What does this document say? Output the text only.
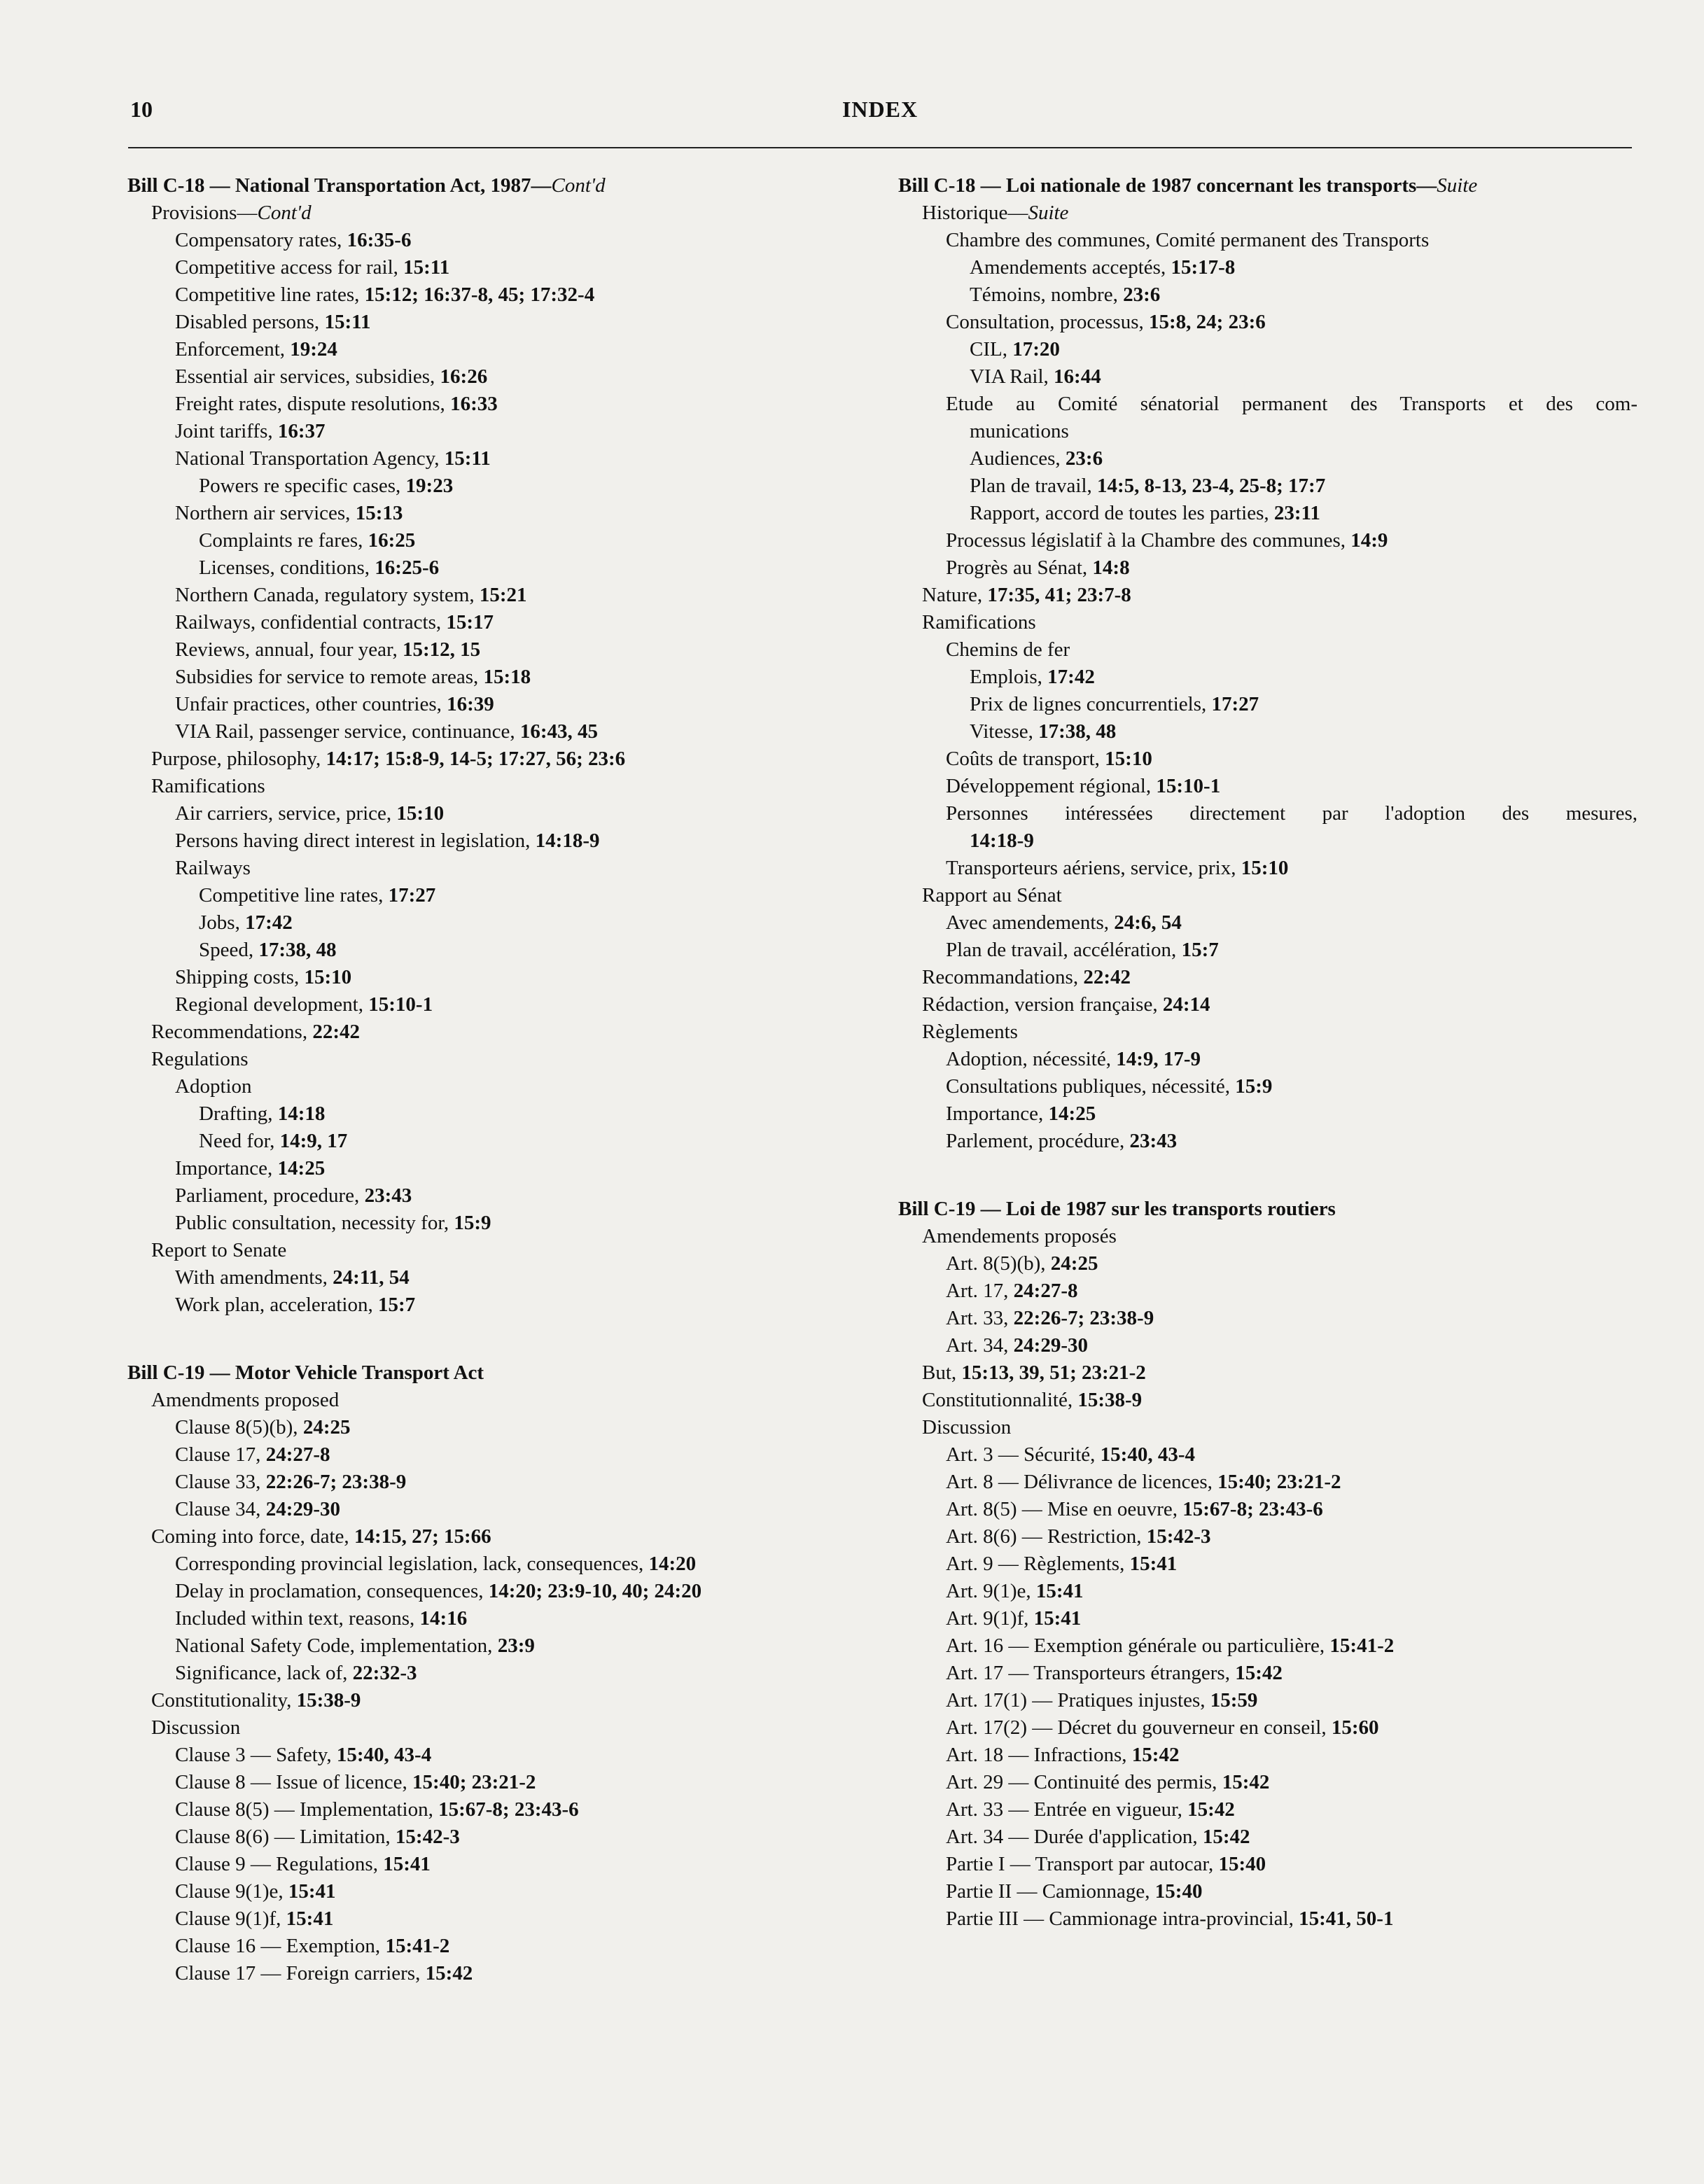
10	INDEX
Bill C-18 — National Transportation Act, 1987—Cont'd
Provisions—Cont'd
Compensatory rates, 16:35-6
Competitive access for rail, 15:11
Competitive line rates, 15:12; 16:37-8, 45; 17:32-4
Disabled persons, 15:11
Enforcement, 19:24
Essential air services, subsidies, 16:26
Freight rates, dispute resolutions, 16:33
Joint tariffs, 16:37
National Transportation Agency, 15:11
Powers re specific cases, 19:23
Northern air services, 15:13
Complaints re fares, 16:25
Licenses, conditions, 16:25-6
Northern Canada, regulatory system, 15:21
Railways, confidential contracts, 15:17
Reviews, annual, four year, 15:12, 15
Subsidies for service to remote areas, 15:18
Unfair practices, other countries, 16:39
VIA Rail, passenger service, continuance, 16:43, 45
Purpose, philosophy, 14:17; 15:8-9, 14-5; 17:27, 56; 23:6
Ramifications
Air carriers, service, price, 15:10
Persons having direct interest in legislation, 14:18-9
Railways
Competitive line rates, 17:27
Jobs, 17:42
Speed, 17:38, 48
Shipping costs, 15:10
Regional development, 15:10-1
Recommendations, 22:42
Regulations
Adoption
Drafting, 14:18
Need for, 14:9, 17
Importance, 14:25
Parliament, procedure, 23:43
Public consultation, necessity for, 15:9
Report to Senate
With amendments, 24:11, 54
Work plan, acceleration, 15:7
Bill C-19 — Motor Vehicle Transport Act
Amendments proposed
Clause 8(5)(b), 24:25
Clause 17, 24:27-8
Clause 33, 22:26-7; 23:38-9
Clause 34, 24:29-30
Coming into force, date, 14:15, 27; 15:66
Corresponding provincial legislation, lack, consequences, 14:20
Delay in proclamation, consequences, 14:20; 23:9-10, 40; 24:20
Included within text, reasons, 14:16
National Safety Code, implementation, 23:9
Significance, lack of, 22:32-3
Constitutionality, 15:38-9
Discussion
Clause 3 — Safety, 15:40, 43-4
Clause 8 — Issue of licence, 15:40; 23:21-2
Clause 8(5) — Implementation, 15:67-8; 23:43-6
Clause 8(6) — Limitation, 15:42-3
Clause 9 — Regulations, 15:41
Clause 9(1)e, 15:41
Clause 9(1)f, 15:41
Clause 16 — Exemption, 15:41-2
Clause 17 — Foreign carriers, 15:42
Bill C-18 — Loi nationale de 1987 concernant les transports—Suite
Historique—Suite
Chambre des communes, Comité permanent des Transports
Amendements acceptés, 15:17-8
Témoins, nombre, 23:6
Consultation, processus, 15:8, 24; 23:6
CIL, 17:20
VIA Rail, 16:44
Etude au Comité sénatorial permanent des Transports et des com-
munications
Audiences, 23:6
Plan de travail, 14:5, 8-13, 23-4, 25-8; 17:7
Rapport, accord de toutes les parties, 23:11
Processus législatif à la Chambre des communes, 14:9
Progrès au Sénat, 14:8
Nature, 17:35, 41; 23:7-8
Ramifications
Chemins de fer
Emplois, 17:42
Prix de lignes concurrentiels, 17:27
Vitesse, 17:38, 48
Coûts de transport, 15:10
Développement régional, 15:10-1
Personnes intéressées directement par l'adoption des mesures,
14:18-9
Transporteurs aériens, service, prix, 15:10
Rapport au Sénat
Avec amendements, 24:6, 54
Plan de travail, accélération, 15:7
Recommandations, 22:42
Rédaction, version française, 24:14
Règlements
Adoption, nécessité, 14:9, 17-9
Consultations publiques, nécessité, 15:9
Importance, 14:25
Parlement, procédure, 23:43
Bill C-19 — Loi de 1987 sur les transports routiers
Amendements proposés
Art. 8(5)(b), 24:25
Art. 17, 24:27-8
Art. 33, 22:26-7; 23:38-9
Art. 34, 24:29-30
But, 15:13, 39, 51; 23:21-2
Constitutionnalité, 15:38-9
Discussion
Art. 3 — Sécurité, 15:40, 43-4
Art. 8 — Délivrance de licences, 15:40; 23:21-2
Art. 8(5) — Mise en oeuvre, 15:67-8; 23:43-6
Art. 8(6) — Restriction, 15:42-3
Art. 9 — Règlements, 15:41
Art. 9(1)e, 15:41
Art. 9(1)f, 15:41
Art. 16 — Exemption générale ou particulière, 15:41-2
Art. 17 — Transporteurs étrangers, 15:42
Art. 17(1) — Pratiques injustes, 15:59
Art. 17(2) — Décret du gouverneur en conseil, 15:60
Art. 18 — Infractions, 15:42
Art. 29 — Continuité des permis, 15:42
Art. 33 — Entrée en vigueur, 15:42
Art. 34 — Durée d'application, 15:42
Partie I — Transport par autocar, 15:40
Partie II — Camionnage, 15:40
Partie III — Cammionage intra-provincial, 15:41, 50-1
